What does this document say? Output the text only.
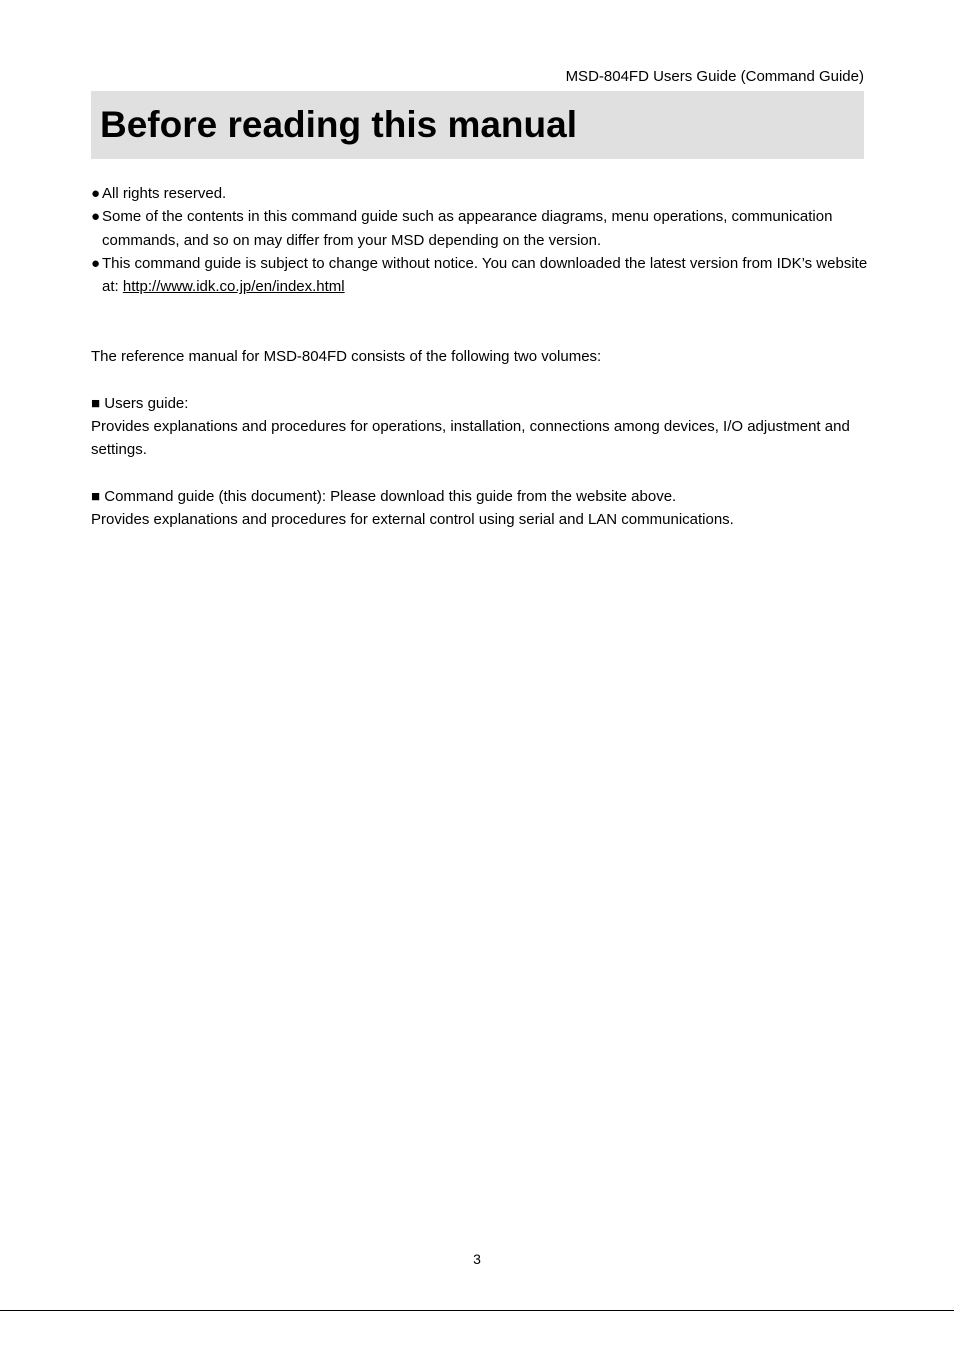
MSD-804FD Users Guide (Command Guide)
Before reading this manual
● All rights reserved.
● Some of the contents in this command guide such as appearance diagrams, menu operations, communication commands, and so on may differ from your MSD depending on the version.
● This command guide is subject to change without notice. You can downloaded the latest version from IDK’s website at: http://www.idk.co.jp/en/index.html

The reference manual for MSD-804FD consists of the following two volumes:

■ Users guide:

Provides explanations and procedures for operations, installation, connections among devices, I/O adjustment and settings.

■ Command guide (this document): Please download this guide from the website above.

Provides explanations and procedures for external control using serial and LAN communications.

3
